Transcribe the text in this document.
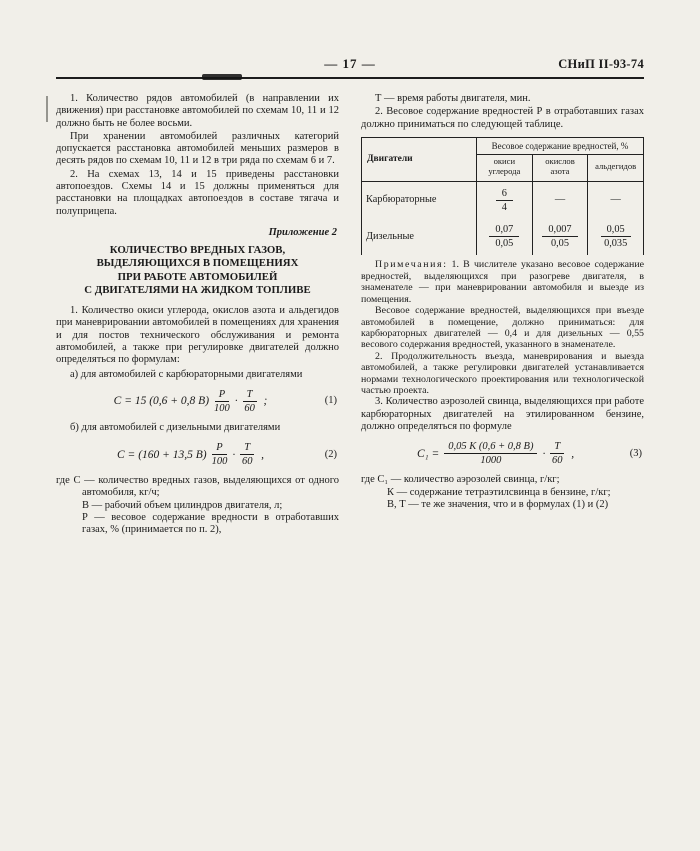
— 17 —	СНиП II-93-74

1. Количество рядов автомобилей (в направлении их движения) при расстановке автомобилей по схемам 10, 11 и 12 должно быть не более восьми.

При хранении автомобилей различных категорий допускается расстановка автомобилей меньших размеров в десять рядов по схемам 10, 11 и 12 в три ряда по схемам 6 и 7.

2. На схемах 13, 14 и 15 приведены расстановки автопоездов. Схемы 14 и 15 должны применяться для расстановки на площадках автопоездов в составе тягача и полуприцепа.

Приложение 2
КОЛИЧЕСТВО ВРЕДНЫХ ГАЗОВ,
ВЫДЕЛЯЮЩИХСЯ В ПОМЕЩЕНИЯХ
ПРИ РАБОТЕ АВТОМОБИЛЕЙ
С ДВИГАТЕЛЯМИ НА ЖИДКОМ ТОПЛИВЕ

1. Количество окиси углерода, окислов азота и альдегидов при маневрировании автомобилей в помещениях для хранения и для постов технического обслуживания и ремонта автомобилей, а также при регулировке двигателей должно определяться по формулам:

а) для автомобилей с карбюраторными двигателями
С = 15 (0,6 + 0,8 $В) \frac{P}{100} \cdot \frac{T}{60}$ ;	(1)
б) для автомобилей с дизельными двигателями
С = (160 + 13,5 $В) \frac{P}{100} \cdot \frac{T}{60}$ ,	(2)
где С — количество вредных газов, выделяющихся от одного автомобиля, кг/ч;
В — рабочий объем цилиндров двигателя, л;
Р — весовое содержание вредности в отработавших газах, % (принимается по п. 2),

Т — время работы двигателя, мин.

2. Весовое содержание вредностей Р в отработавших газах должно приниматься по следующей таблице.

Двигатели	Весовое содержание вредностей, %		
	окиси углерода	окислов азота	альдегидов
Карбюраторные	$\frac{6}{4}$	—	—
Дизельные	$\frac{0,07}{0,05}$	$\frac{0,007}{0,05}$	$\frac{0,05}{0,035}$

Примечания: 1. В числителе указано весовое содержание вредностей, выделяющихся при разогреве двигателя, в знаменателе — при маневрировании автомобиля и выезде из помещения.

Весовое содержание вредностей, выделяющихся при въезде автомобилей в помещение, должно приниматься: для карбюраторных двигателей — 0,4 и для дизельных — 0,55 весового содержания вредностей, указанного в знаменателе.

2. Продолжительность въезда, маневрирования и выезда автомобилей, а также регулировки двигателей устанавливается нормами технологического проектирования или технологической частью проекта.

3. Количество аэрозолей свинца, выделяющихся при работе карбюраторных двигателей на этилированном бензине, должно определяться по формуле

$С_1 = \frac{0,05 К (0,6 + 0,8 В)}{1000} \cdot \frac{T}{60}$ ,	(3)
где С₁ — количество аэрозолей свинца, г/кг;
К — содержание тетраэтилсвинца в бензине, г/кг;
В, Т — те же значения, что и в формулах (1) и (2)
